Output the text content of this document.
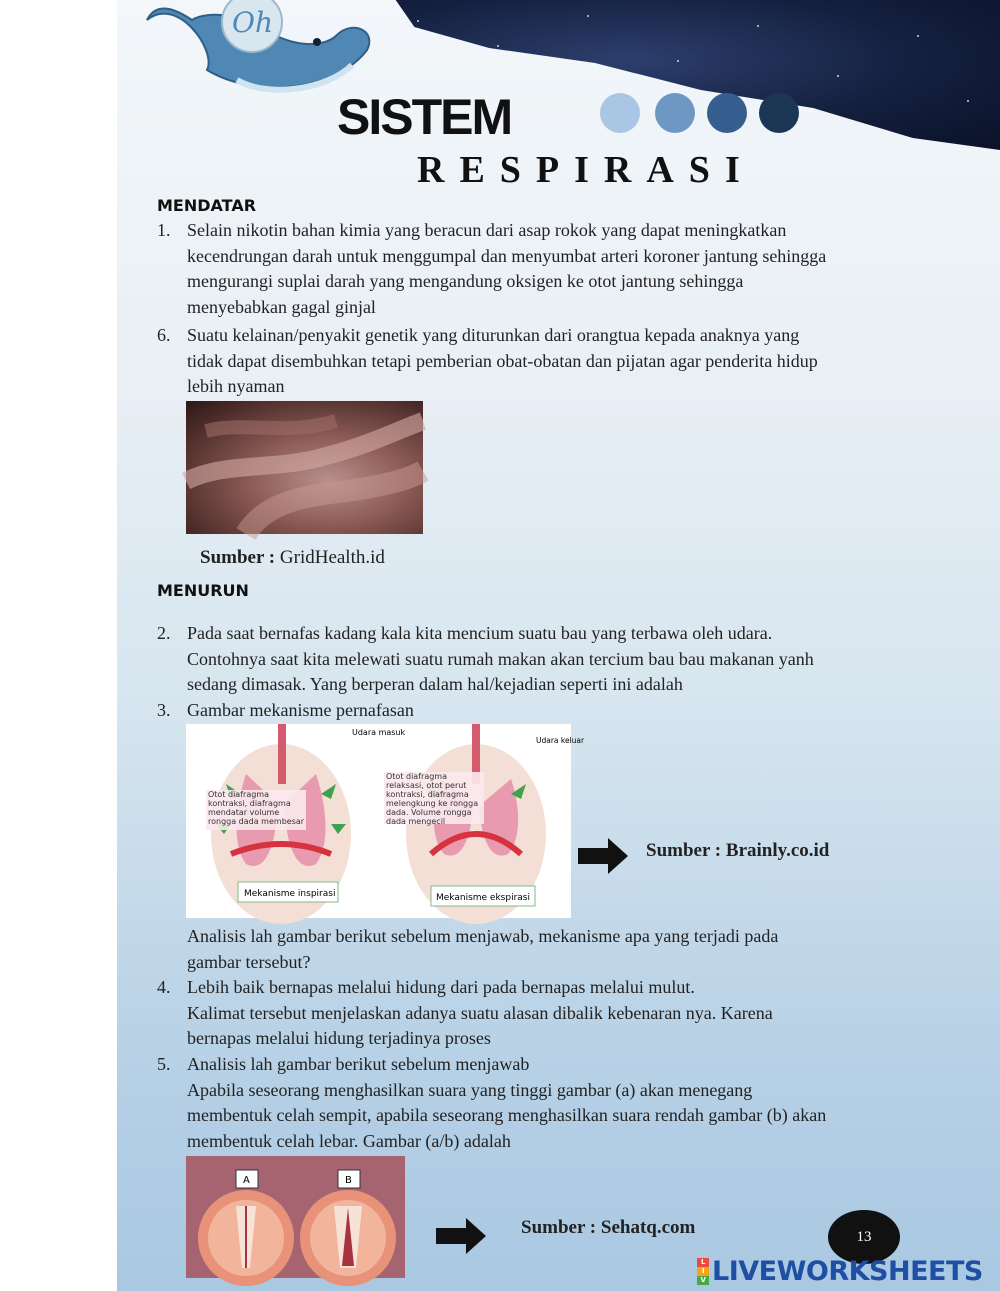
Oh
SISTEM
RESPIRASI
MENDATAR
1. Selain nikotin bahan kimia yang beracun dari asap rokok yang dapat meningkatkan
kecendrungan darah untuk menggumpal dan menyumbat arteri koroner jantung sehingga
mengurangi suplai darah yang mengandung oksigen ke otot jantung sehingga
menyebabkan gagal ginjal
6. Suatu kelainan/penyakit genetik yang diturunkan dari orangtua kepada anaknya yang
tidak dapat disembuhkan tetapi pemberian obat-obatan dan pijatan agar penderita hidup
lebih nyaman
Sumber : GridHealth.id
MENURUN
2. Pada saat bernafas kadang kala kita mencium suatu bau yang terbawa oleh udara.
Contohnya saat kita melewati suatu rumah makan akan tercium bau bau makanan yanh
sedang dimasak. Yang berperan dalam hal/kejadian seperti ini adalah
3. Gambar mekanisme pernafasan
Udara masuk
Udara keluar
Otot diafragma kontraksi, diafragma mendatar volume rongga dada membesar
Otot diafragma relaksasi, otot perut kontraksi, diafragma melengkung ke rongga dada. Volume rongga dada mengecil
Mekanisme inspirasi	Mekanisme ekspirasi
Sumber : Brainly.co.id
Analisis lah gambar berikut sebelum menjawab, mekanisme apa yang terjadi pada
gambar tersebut?
4. Lebih baik bernapas melalui hidung dari pada bernapas melalui mulut.
Kalimat tersebut menjelaskan adanya suatu alasan dibalik kebenaran nya. Karena
bernapas melalui hidung terjadinya proses
5. Analisis lah gambar berikut sebelum menjawab
Apabila seseorang menghasilkan suara yang tinggi gambar (a) akan menegang
membentuk celah sempit, apabila seseorang menghasilkan suara rendah gambar (b) akan
membentuk celah lebar. Gambar (a/b) adalah
A	B
Sumber : Sehatq.com	13
L
I
V LIVEWORKSHEETS
